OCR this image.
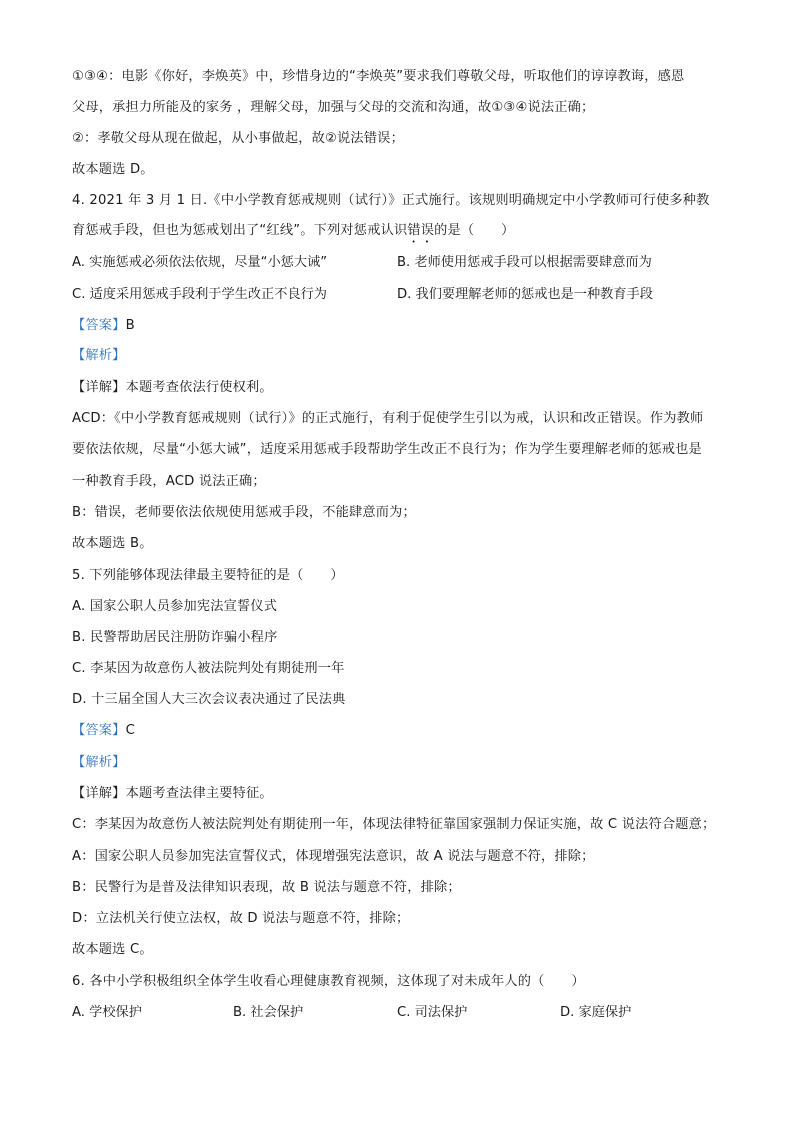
①③④：电影《你好，李焕英》中，珍惜身边的“李焕英”要求我们尊敬父母，听取他们的谆谆教诲，感恩
父母，承担力所能及的家务 ，理解父母，加强与父母的交流和沟通，故①③④说法正确；
②：孝敬父母从现在做起，从小事做起，故②说法错误；
故本题选 D。
4. 2021 年 3 月 1 日.《中小学教育惩戒规则（试行）》正式施行。该规则明确规定中小学教师可行使多种教
育惩戒手段，但也为惩戒划出了“红线”。下列对惩戒认识错误的是（　　）
A. 实施惩戒必须依法依规，尽量“小惩大诫”	B. 老师使用惩戒手段可以根据需要肆意而为
C. 适度采用惩戒手段利于学生改正不良行为	D. 我们要理解老师的惩戒也是一种教育手段
【答案】B
【解析】
【详解】本题考查依法行使权利。
ACD：《中小学教育惩戒规则（试行）》的正式施行，有利于促使学生引以为戒，认识和改正错误。作为教师
要依法依规，尽量“小惩大诫”，适度采用惩戒手段帮助学生改正不良行为；作为学生要理解老师的惩戒也是
一种教育手段，ACD 说法正确；
B：错误，老师要依法依规使用惩戒手段，不能肆意而为；
故本题选 B。
5. 下列能够体现法律最主要特征的是（　　）
A. 国家公职人员参加宪法宣誓仪式
B. 民警帮助居民注册防诈骗小程序
C. 李某因为故意伤人被法院判处有期徒刑一年
D. 十三届全国人大三次会议表决通过了民法典
【答案】C
【解析】
【详解】本题考查法律主要特征。
C：李某因为故意伤人被法院判处有期徒刑一年，体现法律特征靠国家强制力保证实施，故 C 说法符合题意；
A：国家公职人员参加宪法宣誓仪式，体现增强宪法意识，故 A 说法与题意不符，排除；
B：民警行为是普及法律知识表现，故 B 说法与题意不符，排除；
D：立法机关行使立法权，故 D 说法与题意不符，排除；
故本题选 C。
6. 各中小学积极组织全体学生收看心理健康教育视频，这体现了对未成年人的（　　）
A. 学校保护	B. 社会保护	C. 司法保护	D. 家庭保护
